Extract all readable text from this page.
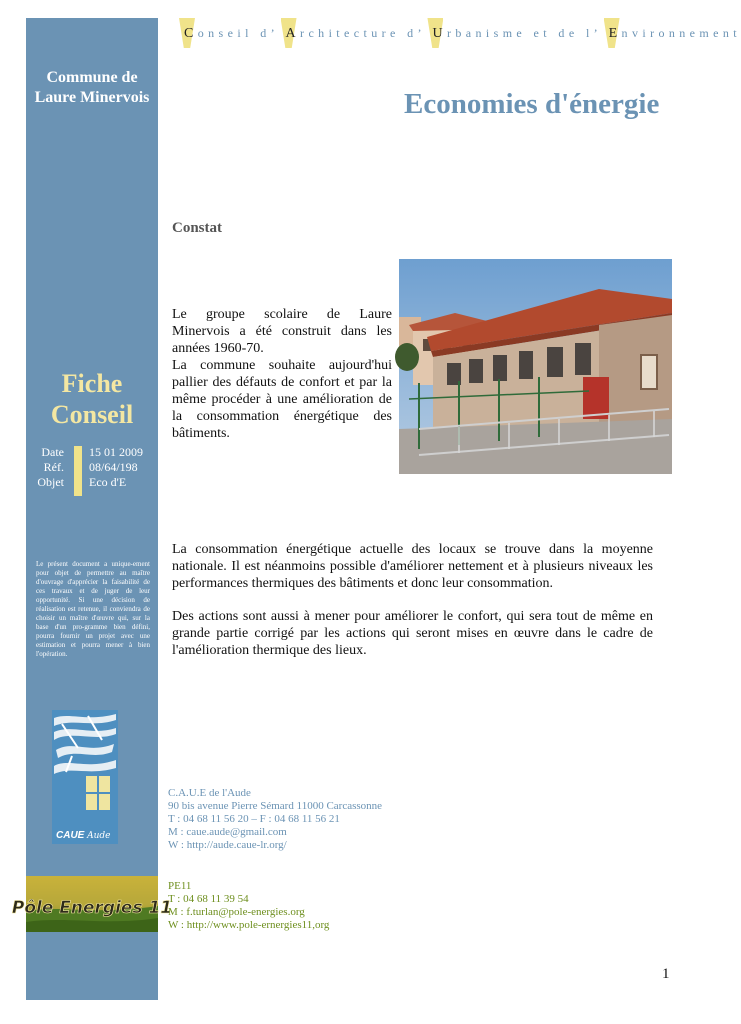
Conseil d’ Architecture d’ Urbanisme et de l’ Environnement
Commune de
Laure Minervois	Economies d'énergie
Fiche
Conseil
Date
Réf.
Objet
15 01 2009
08/64/198
Eco d'E
Le présent document a unique-ement pour objet de permettre au maître d'ouvrage d'apprécier la faisabilité de ces travaux et de juger de leur opportunité. Si une décision de réalisation est retenue, il conviendra de choisir un maître d'œuvre qui, sur la base d'un pro-gramme bien défini, pourra fournir un projet avec une estimation et pourra mener à bien l'opération.
CAUE Aude
Pôle Energies 11
Constat
Le groupe scolaire de Laure
Minervois a été construit dans les
années 1960-70.
La commune souhaite aujourd'hui
pallier des défauts de confort et par la
même procéder à une amélioration de
la consommation énergétique des
bâtiments.

La consommation énergétique actuelle des locaux se trouve dans la moyenne nationale. Il est néanmoins possible d'améliorer nettement et à plusieurs niveaux les performances thermiques des bâtiments et donc leur consommation.

Des actions sont aussi à mener pour améliorer le confort, qui sera tout de même en grande partie corrigé par les actions qui seront mises en œuvre dans le cadre de l'amélioration thermique des lieux.

C.A.U.E de l'Aude
90 bis avenue Pierre Sémard 11000 Carcassonne
T : 04 68 11 56 20 – F : 04 68 11 56 21
M : caue.aude@gmail.com
W : http://aude.caue-lr.org/
PE11
T : 04 68 11 39 54
M : f.turlan@pole-energies.org
W : http://www.pole-ernergies11,org
1
